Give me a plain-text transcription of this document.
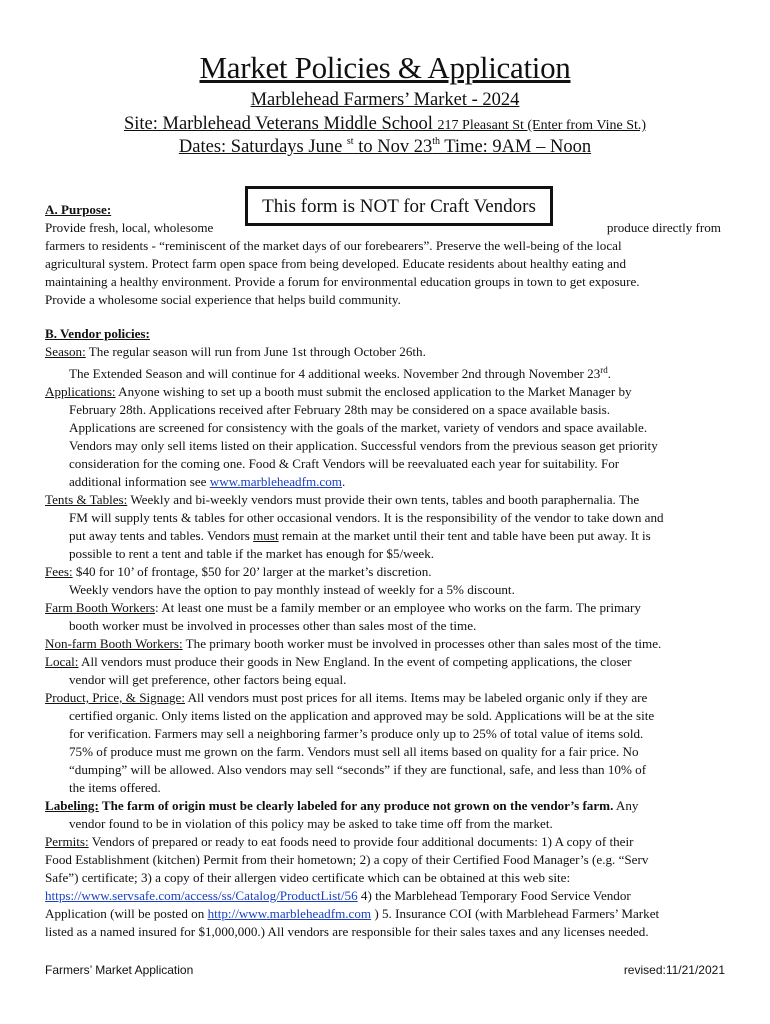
Market Policies & Application
Marblehead Farmers’ Market - 2024
Site: Marblehead Veterans Middle School 217 Pleasant St (Enter from Vine St.)
Dates: Saturdays June $^{st}$ to Nov 23th Time: 9AM – Noon
A. Purpose:
Provide fresh, local, wholesome	produce directly from
farmers to residents - “reminiscent of the market days of our forebearers”. Preserve the well-being of the local
agricultural system. Protect farm open space from being developed. Educate residents about healthy eating and
maintaining a healthy environment. Provide a forum for environmental education groups in town to get exposure.
Provide a wholesome social experience that helps build community.
This form is NOT for Craft Vendors
B. Vendor policies:
Season: The regular season will run from June 1st through October 26th.
The Extended Season and will continue for 4 additional weeks. November 2nd through November 23rd.
Applications: Anyone wishing to set up a booth must submit the enclosed application to the Market Manager by
February 28th. Applications received after February 28th may be considered on a space available basis.
Applications are screened for consistency with the goals of the market, variety of vendors and space available.
Vendors may only sell items listed on their application. Successful vendors from the previous season get priority
consideration for the coming one. Food & Craft Vendors will be reevaluated each year for suitability. For
additional information see www.marbleheadfm.com.
Tents & Tables: Weekly and bi-weekly vendors must provide their own tents, tables and booth paraphernalia. The
FM will supply tents & tables for other occasional vendors. It is the responsibility of the vendor to take down and
put away tents and tables. Vendors must remain at the market until their tent and table have been put away. It is
possible to rent a tent and table if the market has enough for $5/week.
Fees: $40 for 10’ of frontage, $50 for 20’ larger at the market’s discretion.
Weekly vendors have the option to pay monthly instead of weekly for a 5% discount.
Farm Booth Workers: At least one must be a family member or an employee who works on the farm. The primary
booth worker must be involved in processes other than sales most of the time.
Non-farm Booth Workers: The primary booth worker must be involved in processes other than sales most of the time.
Local: All vendors must produce their goods in New England. In the event of competing applications, the closer
vendor will get preference, other factors being equal.
Product, Price, & Signage: All vendors must post prices for all items. Items may be labeled organic only if they are
certified organic. Only items listed on the application and approved may be sold. Applications will be at the site
for verification. Farmers may sell a neighboring farmer’s produce only up to 25% of total value of items sold.
75% of produce must me grown on the farm. Vendors must sell all items based on quality for a fair price. No
“dumping” will be allowed. Also vendors may sell “seconds” if they are functional, safe, and less than 10% of
the items offered.
Labeling: The farm of origin must be clearly labeled for any produce not grown on the vendor’s farm. Any
vendor found to be in violation of this policy may be asked to take time off from the market.
Permits: Vendors of prepared or ready to eat foods need to provide four additional documents: 1) A copy of their
Food Establishment (kitchen) Permit from their hometown; 2) a copy of their Certified Food Manager’s (e.g. “Serv
Safe”) certificate; 3) a copy of their allergen video certificate which can be obtained at this web site:
https://www.servsafe.com/access/ss/Catalog/ProductList/56 4) the Marblehead Temporary Food Service Vendor
Application (will be posted on http://www.marbleheadfm.com ) 5. Insurance COI (with Marblehead Farmers’ Market
listed as a named insured for $1,000,000.) All vendors are responsible for their sales taxes and any licenses needed.
Farmers’ Market Application	revised:11/21/2021
